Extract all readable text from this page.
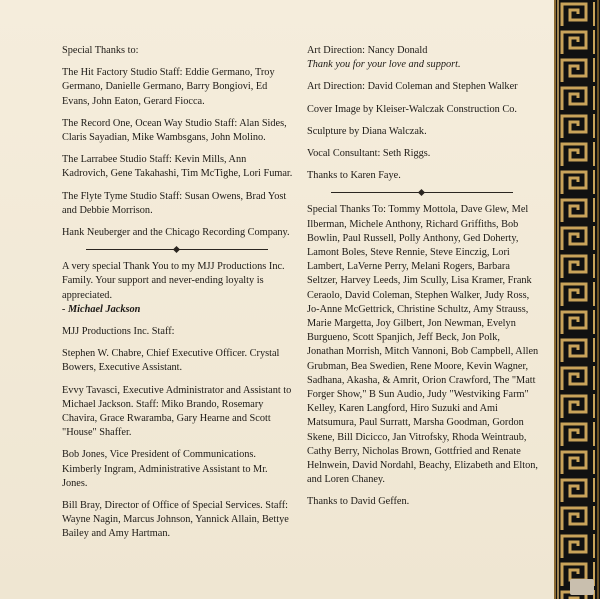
Special Thanks to:

The Hit Factory Studio Staff: Eddie Germano, Troy Germano, Danielle Germano, Barry Bongiovi, Ed Evans, John Eaton, Gerard Fiocca.

The Record One, Ocean Way Studio Staff: Alan Sides, Claris Sayadian, Mike Wambsgans, John Molino.

The Larrabee Studio Staff: Kevin Mills, Ann Kadrovich, Gene Takahashi, Tim McTighe, Lori Fumar.

The Flyte Tyme Studio Staff: Susan Owens, Brad Yost and Debbie Morrison.

Hank Neuberger and the Chicago Recording Company.

A very special Thank You to my MJJ Productions Inc. Family. Your support and never-ending loyalty is appreciated.

- Michael Jackson

MJJ Productions Inc. Staff:

Stephen W. Chabre, Chief Executive Officer. Crystal Bowers, Executive Assistant.

Evvy Tavasci, Executive Administrator and Assistant to Michael Jackson. Staff: Miko Brando, Rosemary Chavira, Grace Rwaramba, Gary Hearne and Scott "House" Shaffer.

Bob Jones, Vice President of Communications. Kimberly Ingram, Administrative Assistant to Mr. Jones.

Bill Bray, Director of Office of Special Services. Staff: Wayne Nagin, Marcus Johnson, Yannick Allain, Bettye Bailey and Amy Hartman.

Art Direction: Nancy Donald

Thank you for your love and support.

Art Direction: David Coleman and Stephen Walker

Cover Image by Kleiser-Walczak Construction Co.

Sculpture by Diana Walczak.

Vocal Consultant: Seth Riggs.

Thanks to Karen Faye.

Special Thanks To: Tommy Mottola, Dave Glew, Mel Ilberman, Michele Anthony, Richard Griffiths, Bob Bowlin, Paul Russell, Polly Anthony, Ged Doherty, Lamont Boles, Steve Rennie, Steve Einczig, Lori Lambert, LaVerne Perry, Melani Rogers, Barbara Seltzer, Harvey Leeds, Jim Scully, Lisa Kramer, Frank Ceraolo, David Coleman, Stephen Walker, Judy Ross, Jo-Anne McGettrick, Christine Schultz, Amy Strauss, Marie Margetta, Joy Gilbert, Jon Newman, Evelyn Burgueno, Scott Spanjich, Jeff Beck, Jon Polk, Jonathan Morrish, Mitch Vannoni, Bob Campbell, Allen Grubman, Bea Swedien, Rene Moore, Kevin Wagner, Sadhana, Akasha, & Amrit, Orion Crawford, The "Matt Forger Show," B Sun Audio, Judy "Westviking Farm" Kelley, Karen Langford, Hiro Suzuki and Ami Matsumura, Paul Surratt, Marsha Goodman, Gordon Skene, Bill Dicicco, Jan Vitrofsky, Rhoda Weintraub, Cathy Berry, Nicholas Brown, Gottfried and Renate Helnwein, David Nordahl, Beachy, Elizabeth and Elton, and Loren Chaney.

Thanks to David Geffen.
